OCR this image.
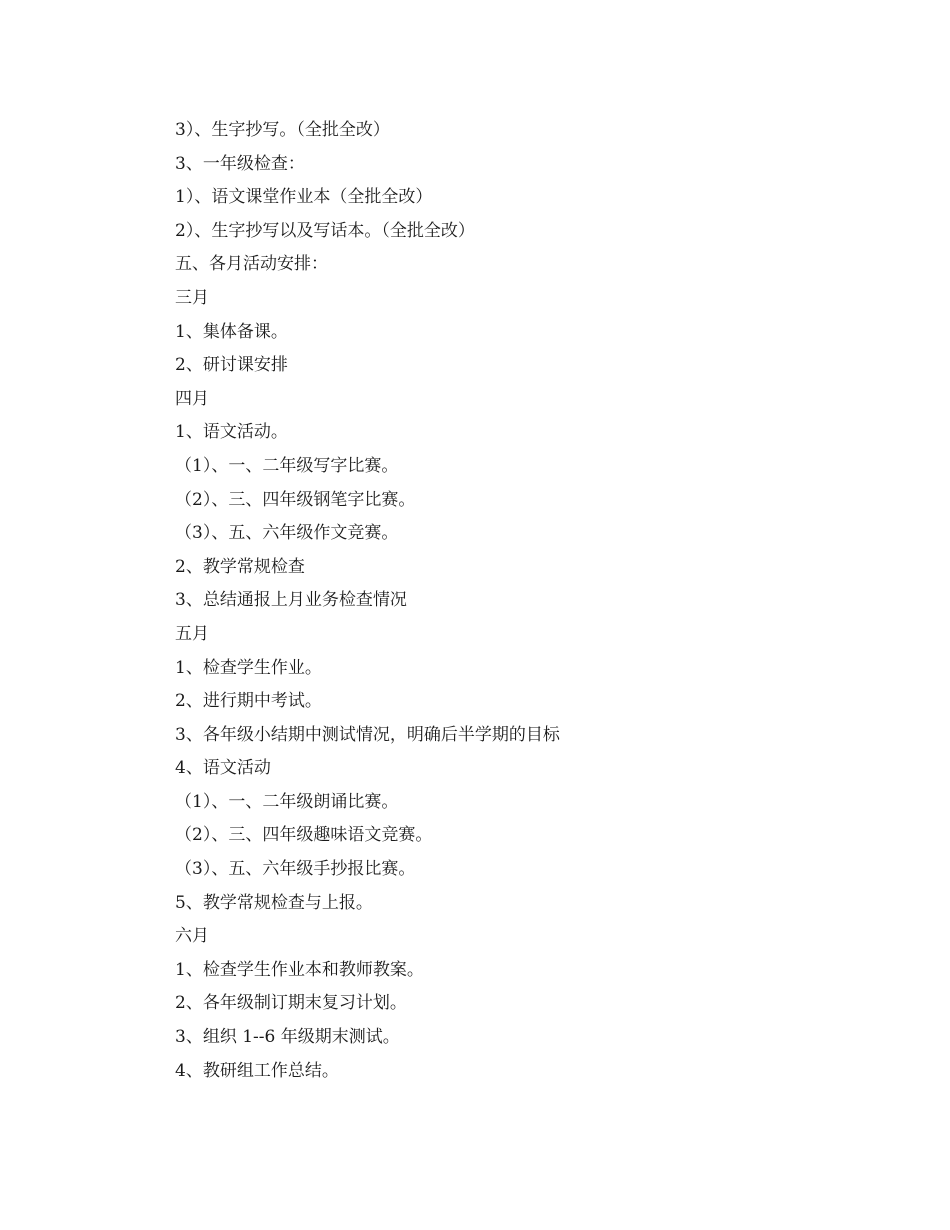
3）、生字抄写。（全批全改）
3、一年级检查：
1）、语文课堂作业本（全批全改）
2）、生字抄写以及写话本。（全批全改）
五、各月活动安排：
三月
1、集体备课。
2、研讨课安排
四月
1、语文活动。
（1）、一、二年级写字比赛。
（2）、三、四年级钢笔字比赛。
（3）、五、六年级作文竞赛。
2、教学常规检查
3、总结通报上月业务检查情况
五月
1、检查学生作业。
2、进行期中考试。
3、各年级小结期中测试情况，明确后半学期的目标
4、语文活动
（1）、一、二年级朗诵比赛。
（2）、三、四年级趣味语文竞赛。
（3）、五、六年级手抄报比赛。
5、教学常规检查与上报。
六月
1、检查学生作业本和教师教案。
2、各年级制订期末复习计划。
3、组织 1--6 年级期末测试。
4、教研组工作总结。
